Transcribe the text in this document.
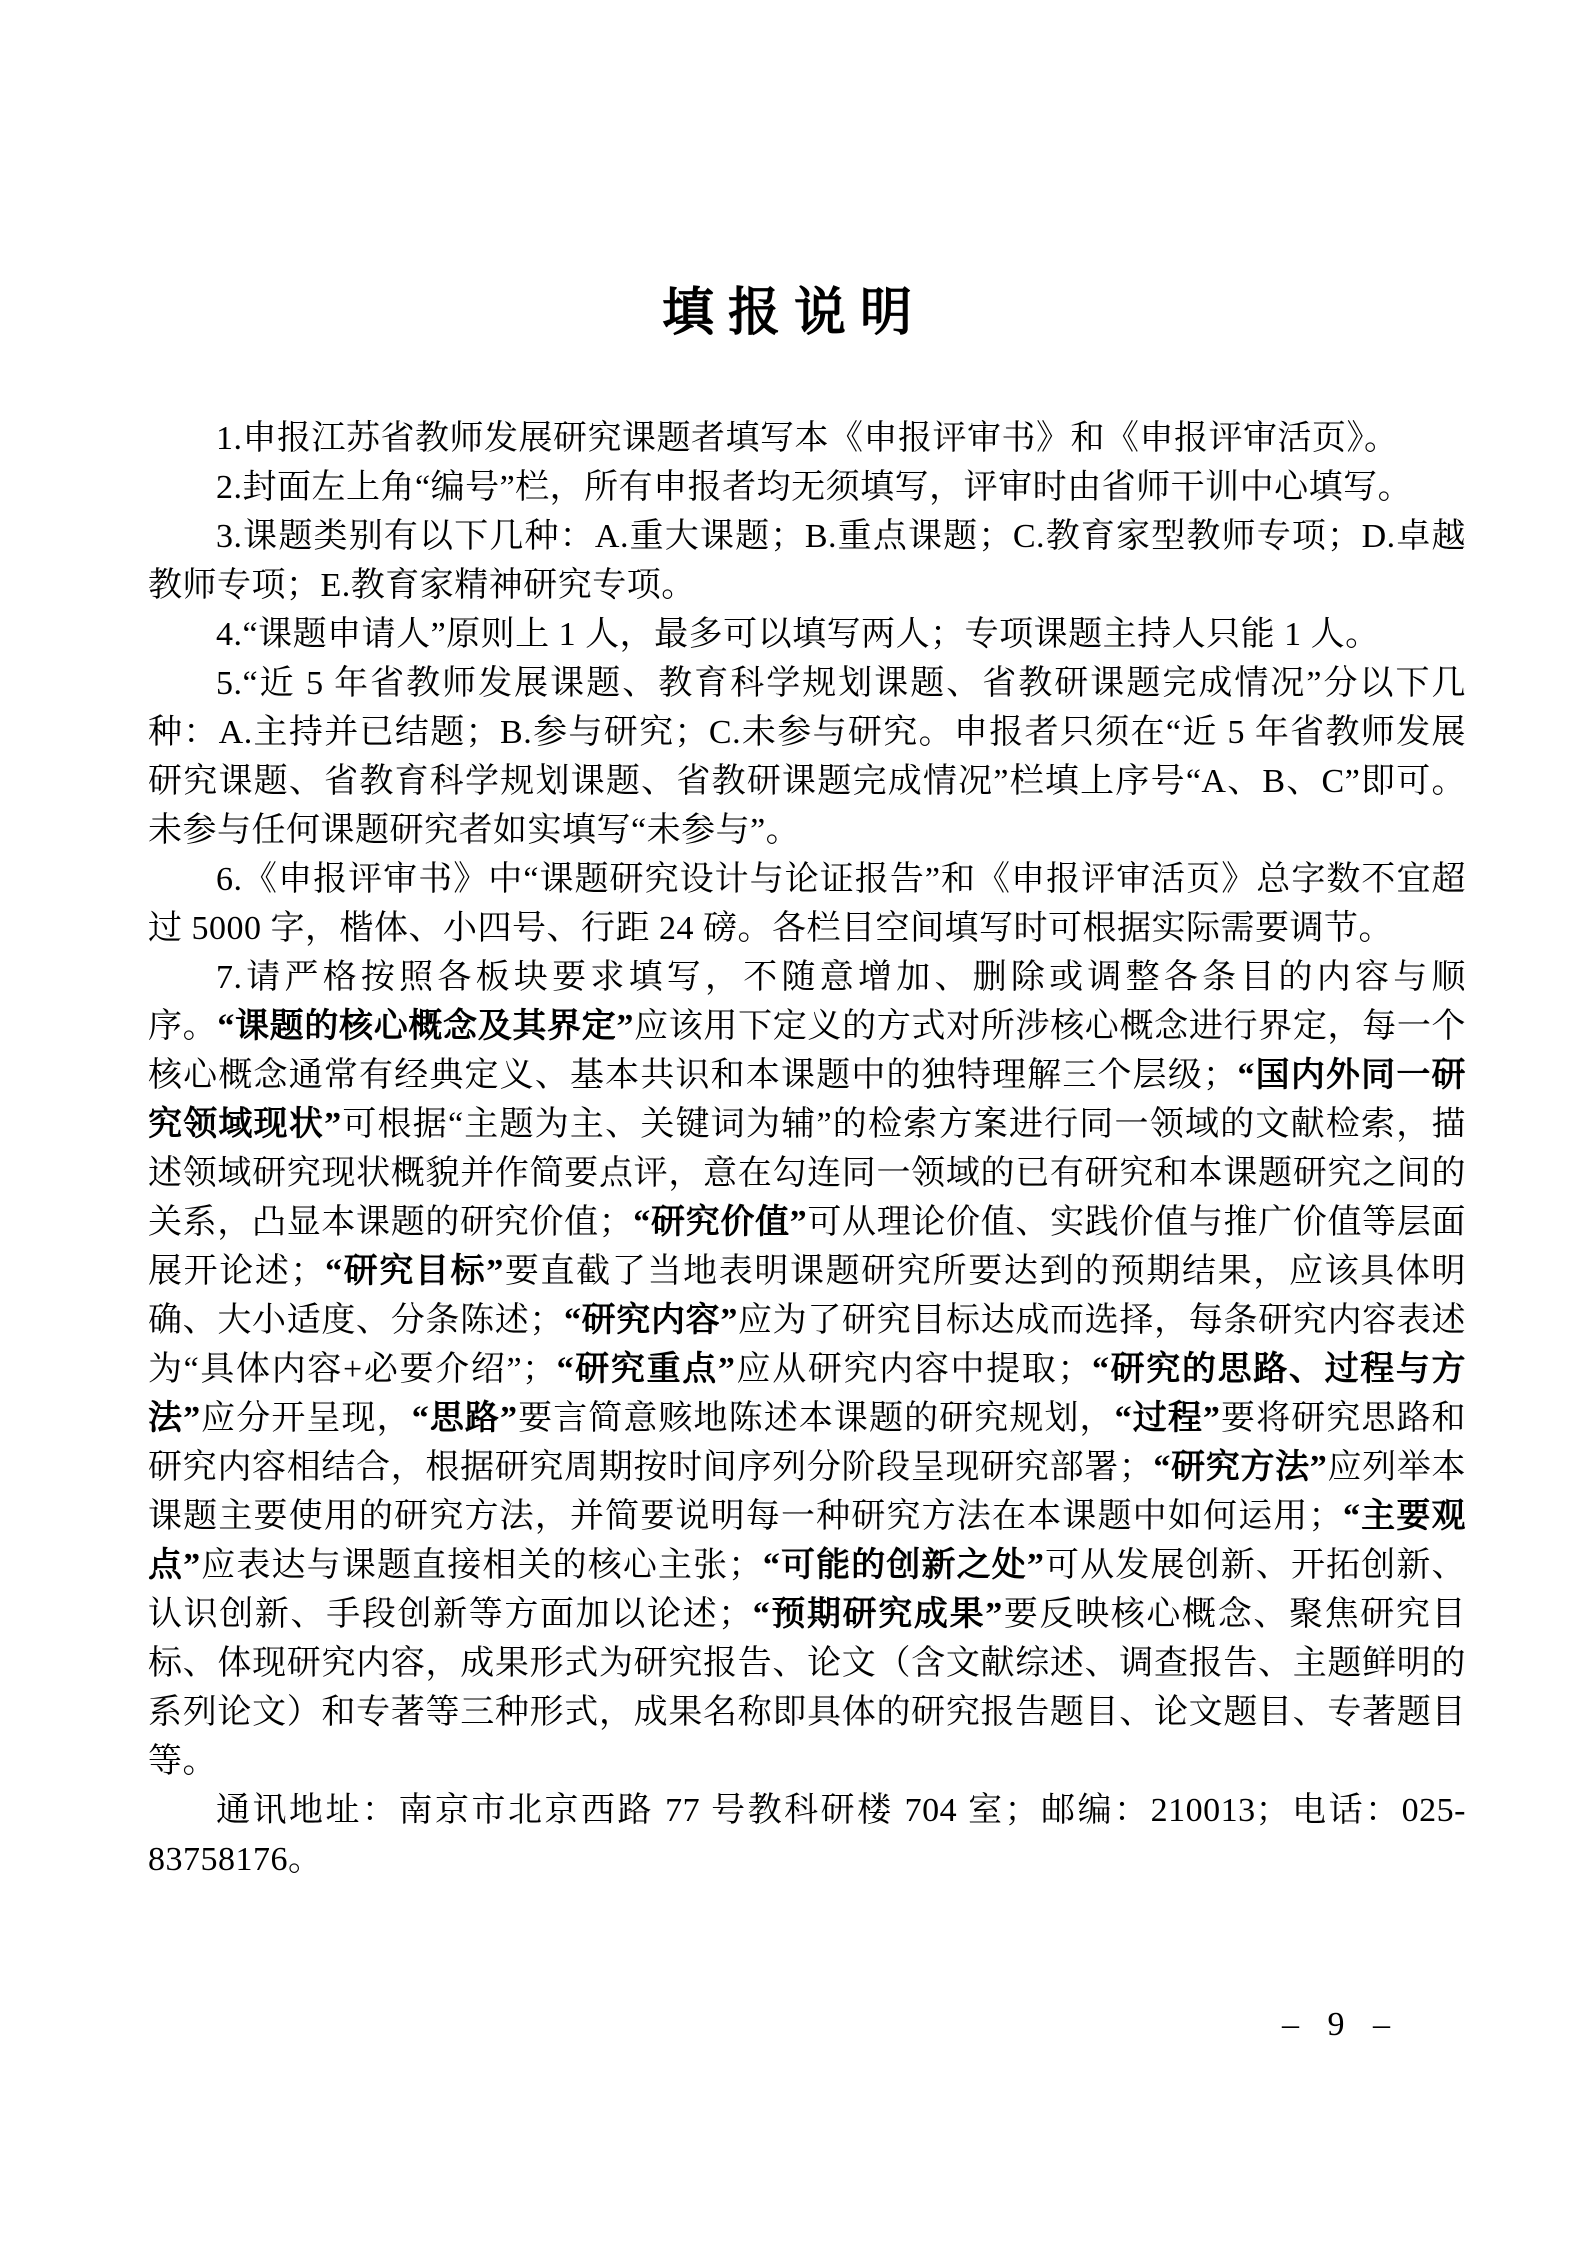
填报说明

1.申报江苏省教师发展研究课题者填写本《申报评审书》和《申报评审活页》。

2.封面左上角“编号”栏，所有申报者均无须填写，评审时由省师干训中心填写。

3.课题类别有以下几种：A.重大课题；B.重点课题；C.教育家型教师专项；D.卓越教师专项；E.教育家精神研究专项。

4.“课题申请人”原则上 1 人，最多可以填写两人；专项课题主持人只能 1 人。

5.“近 5 年省教师发展课题、教育科学规划课题、省教研课题完成情况”分以下几种：A.主持并已结题；B.参与研究；C.未参与研究。申报者只须在“近 5 年省教师发展研究课题、省教育科学规划课题、省教研课题完成情况”栏填上序号“A、B、C”即可。未参与任何课题研究者如实填写“未参与”。

6.《申报评审书》中“课题研究设计与论证报告”和《申报评审活页》总字数不宜超过 5000 字，楷体、小四号、行距 24 磅。各栏目空间填写时可根据实际需要调节。

7.请严格按照各板块要求填写，不随意增加、删除或调整各条目的内容与顺序。“课题的核心概念及其界定”应该用下定义的方式对所涉核心概念进行界定，每一个核心概念通常有经典定义、基本共识和本课题中的独特理解三个层级；“国内外同一研究领域现状”可根据“主题为主、关键词为辅”的检索方案进行同一领域的文献检索，描述领域研究现状概貌并作简要点评，意在勾连同一领域的已有研究和本课题研究之间的关系，凸显本课题的研究价值；“研究价值”可从理论价值、实践价值与推广价值等层面展开论述；“研究目标”要直截了当地表明课题研究所要达到的预期结果，应该具体明确、大小适度、分条陈述；“研究内容”应为了研究目标达成而选择，每条研究内容表述为“具体内容+必要介绍”；“研究重点”应从研究内容中提取；“研究的思路、过程与方法”应分开呈现，“思路”要言简意赅地陈述本课题的研究规划，“过程”要将研究思路和研究内容相结合，根据研究周期按时间序列分阶段呈现研究部署；“研究方法”应列举本课题主要使用的研究方法，并简要说明每一种研究方法在本课题中如何运用；“主要观点”应表达与课题直接相关的核心主张；“可能的创新之处”可从发展创新、开拓创新、认识创新、手段创新等方面加以论述；“预期研究成果”要反映核心概念、聚焦研究目标、体现研究内容，成果形式为研究报告、论文（含文献综述、调查报告、主题鲜明的系列论文）和专著等三种形式，成果名称即具体的研究报告题目、论文题目、专著题目等。

通讯地址：南京市北京西路 77 号教科研楼 704 室；邮编：210013；电话：025-83758176。

– 9 –
